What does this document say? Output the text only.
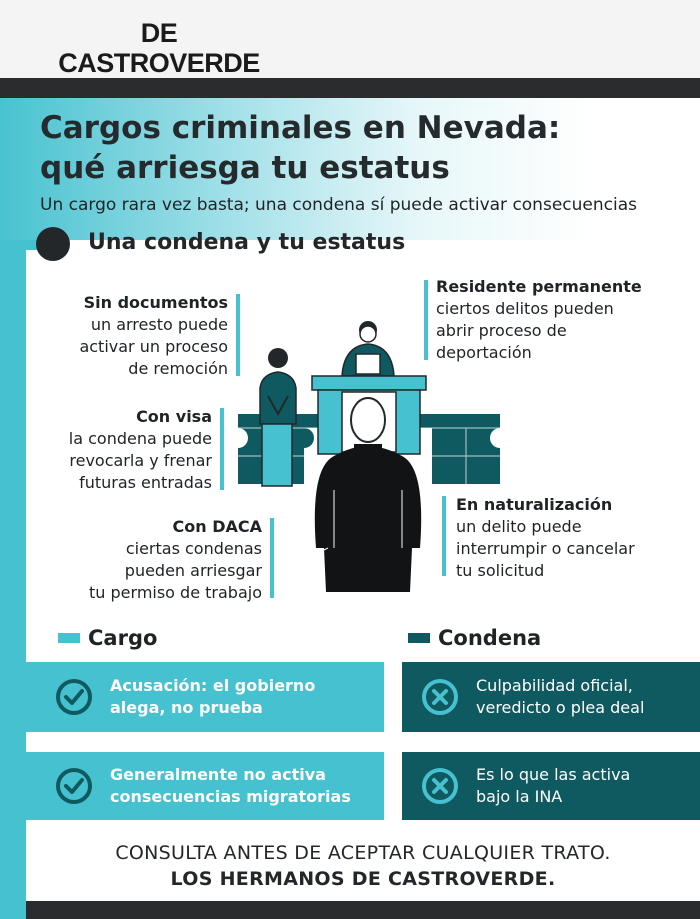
DE CASTROVERDE
Cargos criminales en Nevada:
qué arriesga tu estatus
Un cargo rara vez basta; una condena sí puede activar consecuencias
Una condena y tu estatus
Sin documentos
un arresto puede
activar un proceso
de remoción
Residente permanente
ciertos delitos pueden
abrir proceso de
deportación
Con visa
la condena puede
revocarla y frenar
futuras entradas
Con DACA
ciertas condenas
pueden arriesgar
tu permiso de trabajo
En naturalización
un delito puede
interrumpir o cancelar
tu solicitud
Cargo	Condena
Acusación: el gobierno
alega, no prueba
Generalmente no activa
consecuencias migratorias
Culpabilidad oficial,
veredicto o plea deal
Es lo que las activa
bajo la INA
CONSULTA ANTES DE ACEPTAR CUALQUIER TRATO.
LOS HERMANOS DE CASTROVERDE.
